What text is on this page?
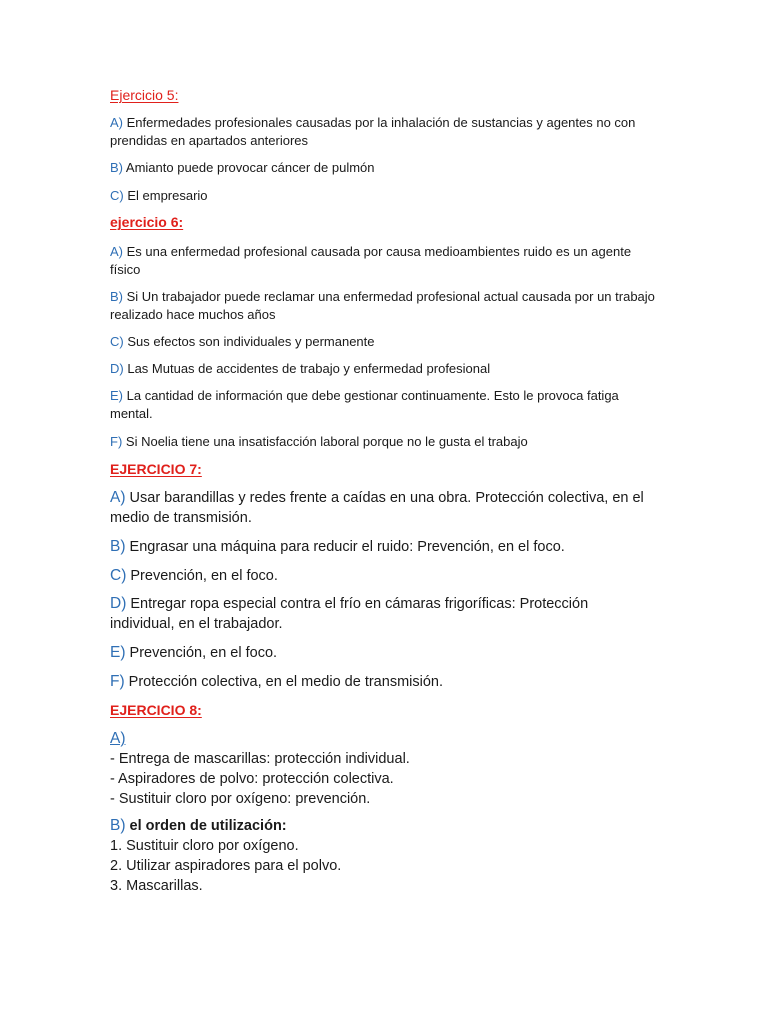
Ejercicio 5:
A) Enfermedades profesionales causadas por la inhalación de sustancias y agentes no con
prendidas en apartados anteriores
B) Amianto puede provocar cáncer de pulmón
C) El empresario
ejercicio 6:
A) Es una enfermedad profesional causada por causa medioambientes ruido es un agente
físico
B) Si Un trabajador puede reclamar una enfermedad profesional actual causada por un trabajo
realizado hace muchos años
C) Sus efectos son individuales y permanente
D) Las Mutuas de accidentes de trabajo y enfermedad profesional
E) La cantidad de información que debe gestionar continuamente. Esto le provoca fatiga
mental.
F) Si Noelia tiene una insatisfacción laboral porque no le gusta el trabajo
EJERCICIO 7:
A) Usar barandillas y redes frente a caídas en una obra. Protección colectiva, en el
medio de transmisión.
B) Engrasar una máquina para reducir el ruido: Prevención, en el foco.
C) Prevención, en el foco.
D) Entregar ropa especial contra el frío en cámaras frigoríficas: Protección
individual, en el trabajador.
E) Prevención, en el foco.
F) Protección colectiva, en el medio de transmisión.
EJERCICIO 8:
A)
- Entrega de mascarillas: protección individual.
- Aspiradores de polvo: protección colectiva.
- Sustituir cloro por oxígeno: prevención.
B) el orden de utilización:
1. Sustituir cloro por oxígeno.
2. Utilizar aspiradores para el polvo.
3. Mascarillas.
